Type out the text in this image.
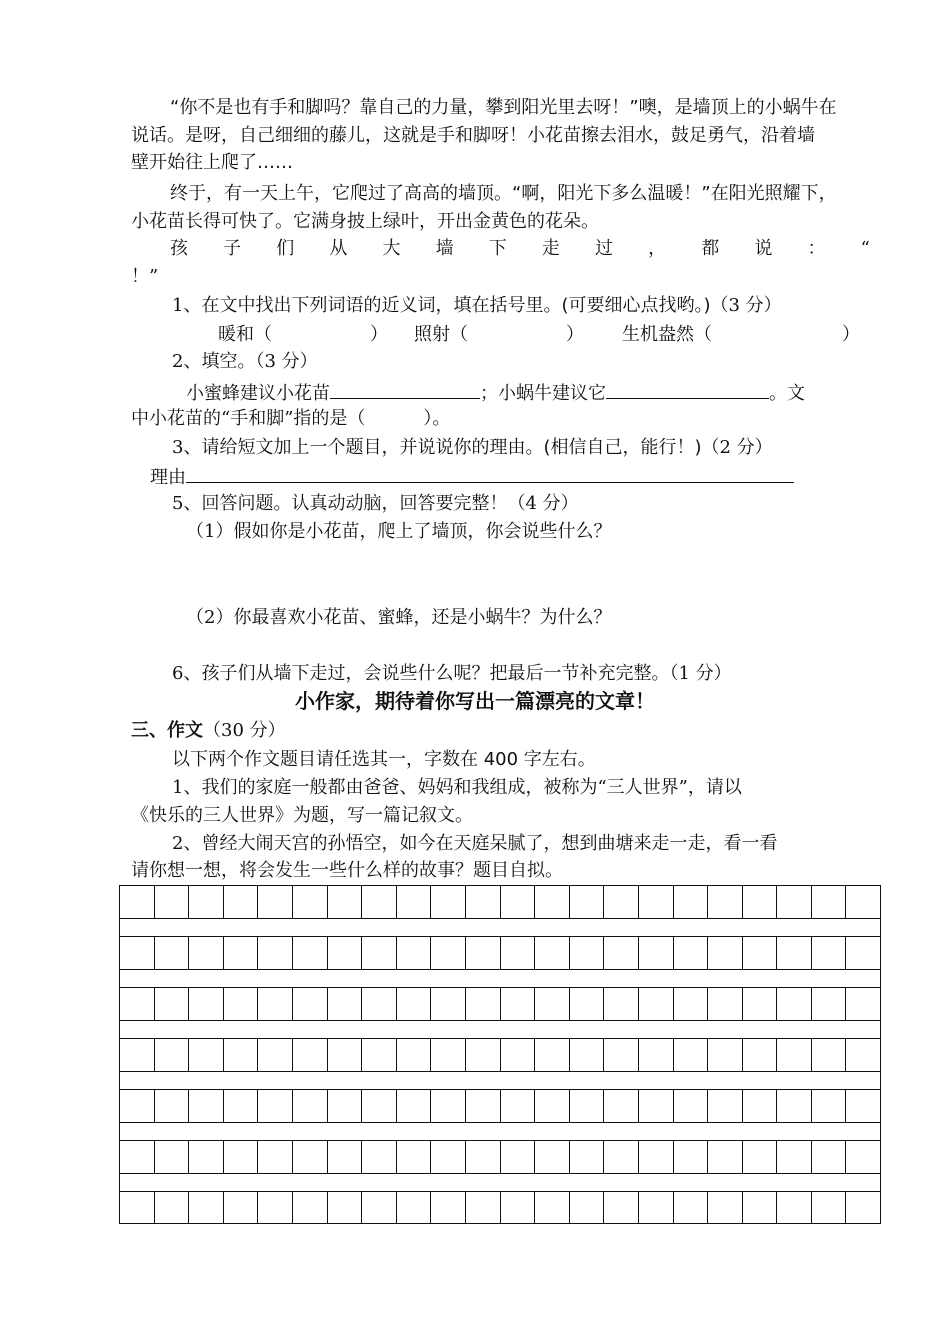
“你不是也有手和脚吗？靠自己的力量，攀到阳光里去呀！”噢，是墙顶上的小蜗牛在
说话。是呀，自己细细的藤儿，这就是手和脚呀！小花苗擦去泪水，鼓足勇气，沿着墙
壁开始往上爬了……
终于，有一天上午，它爬过了高高的墙顶。“啊，阳光下多么温暖！”在阳光照耀下，
小花苗长得可快了。它满身披上绿叶，开出金黄色的花朵。
孩 子 们 从 大 墙 下 走 过 ， 都 说 ： “
！”
1、在文中找出下列词语的近义词，填在括号里。(可要细心点找哟。)（3 分）
暖和（	） 照射（	） 生机盎然（	）
2、填空。（3 分）
小蜜蜂建议小花苗	；小蜗牛建议它	。文
中小花苗的“手和脚”指的是（	）。
3、请给短文加上一个题目，并说说你的理由。(相信自己，能行！)（2 分）
理由
5、回答问题。认真动动脑，回答要完整！（4 分）
（1）假如你是小花苗，爬上了墙顶，你会说些什么？
（2）你最喜欢小花苗、蜜蜂，还是小蜗牛？为什么？
6、孩子们从墙下走过，会说些什么呢？把最后一节补充完整。（1 分）
小作家，期待着你写出一篇漂亮的文章！
三、作文（30 分）
以下两个作文题目请任选其一，字数在 400 字左右。
1、我们的家庭一般都由爸爸、妈妈和我组成，被称为“三人世界”，请以
《快乐的三人世界》为题，写一篇记叙文。
2、曾经大闹天宫的孙悟空，如今在天庭呆腻了，想到曲塘来走一走，看一看
请你想一想，将会发生一些什么样的故事？题目自拟。
